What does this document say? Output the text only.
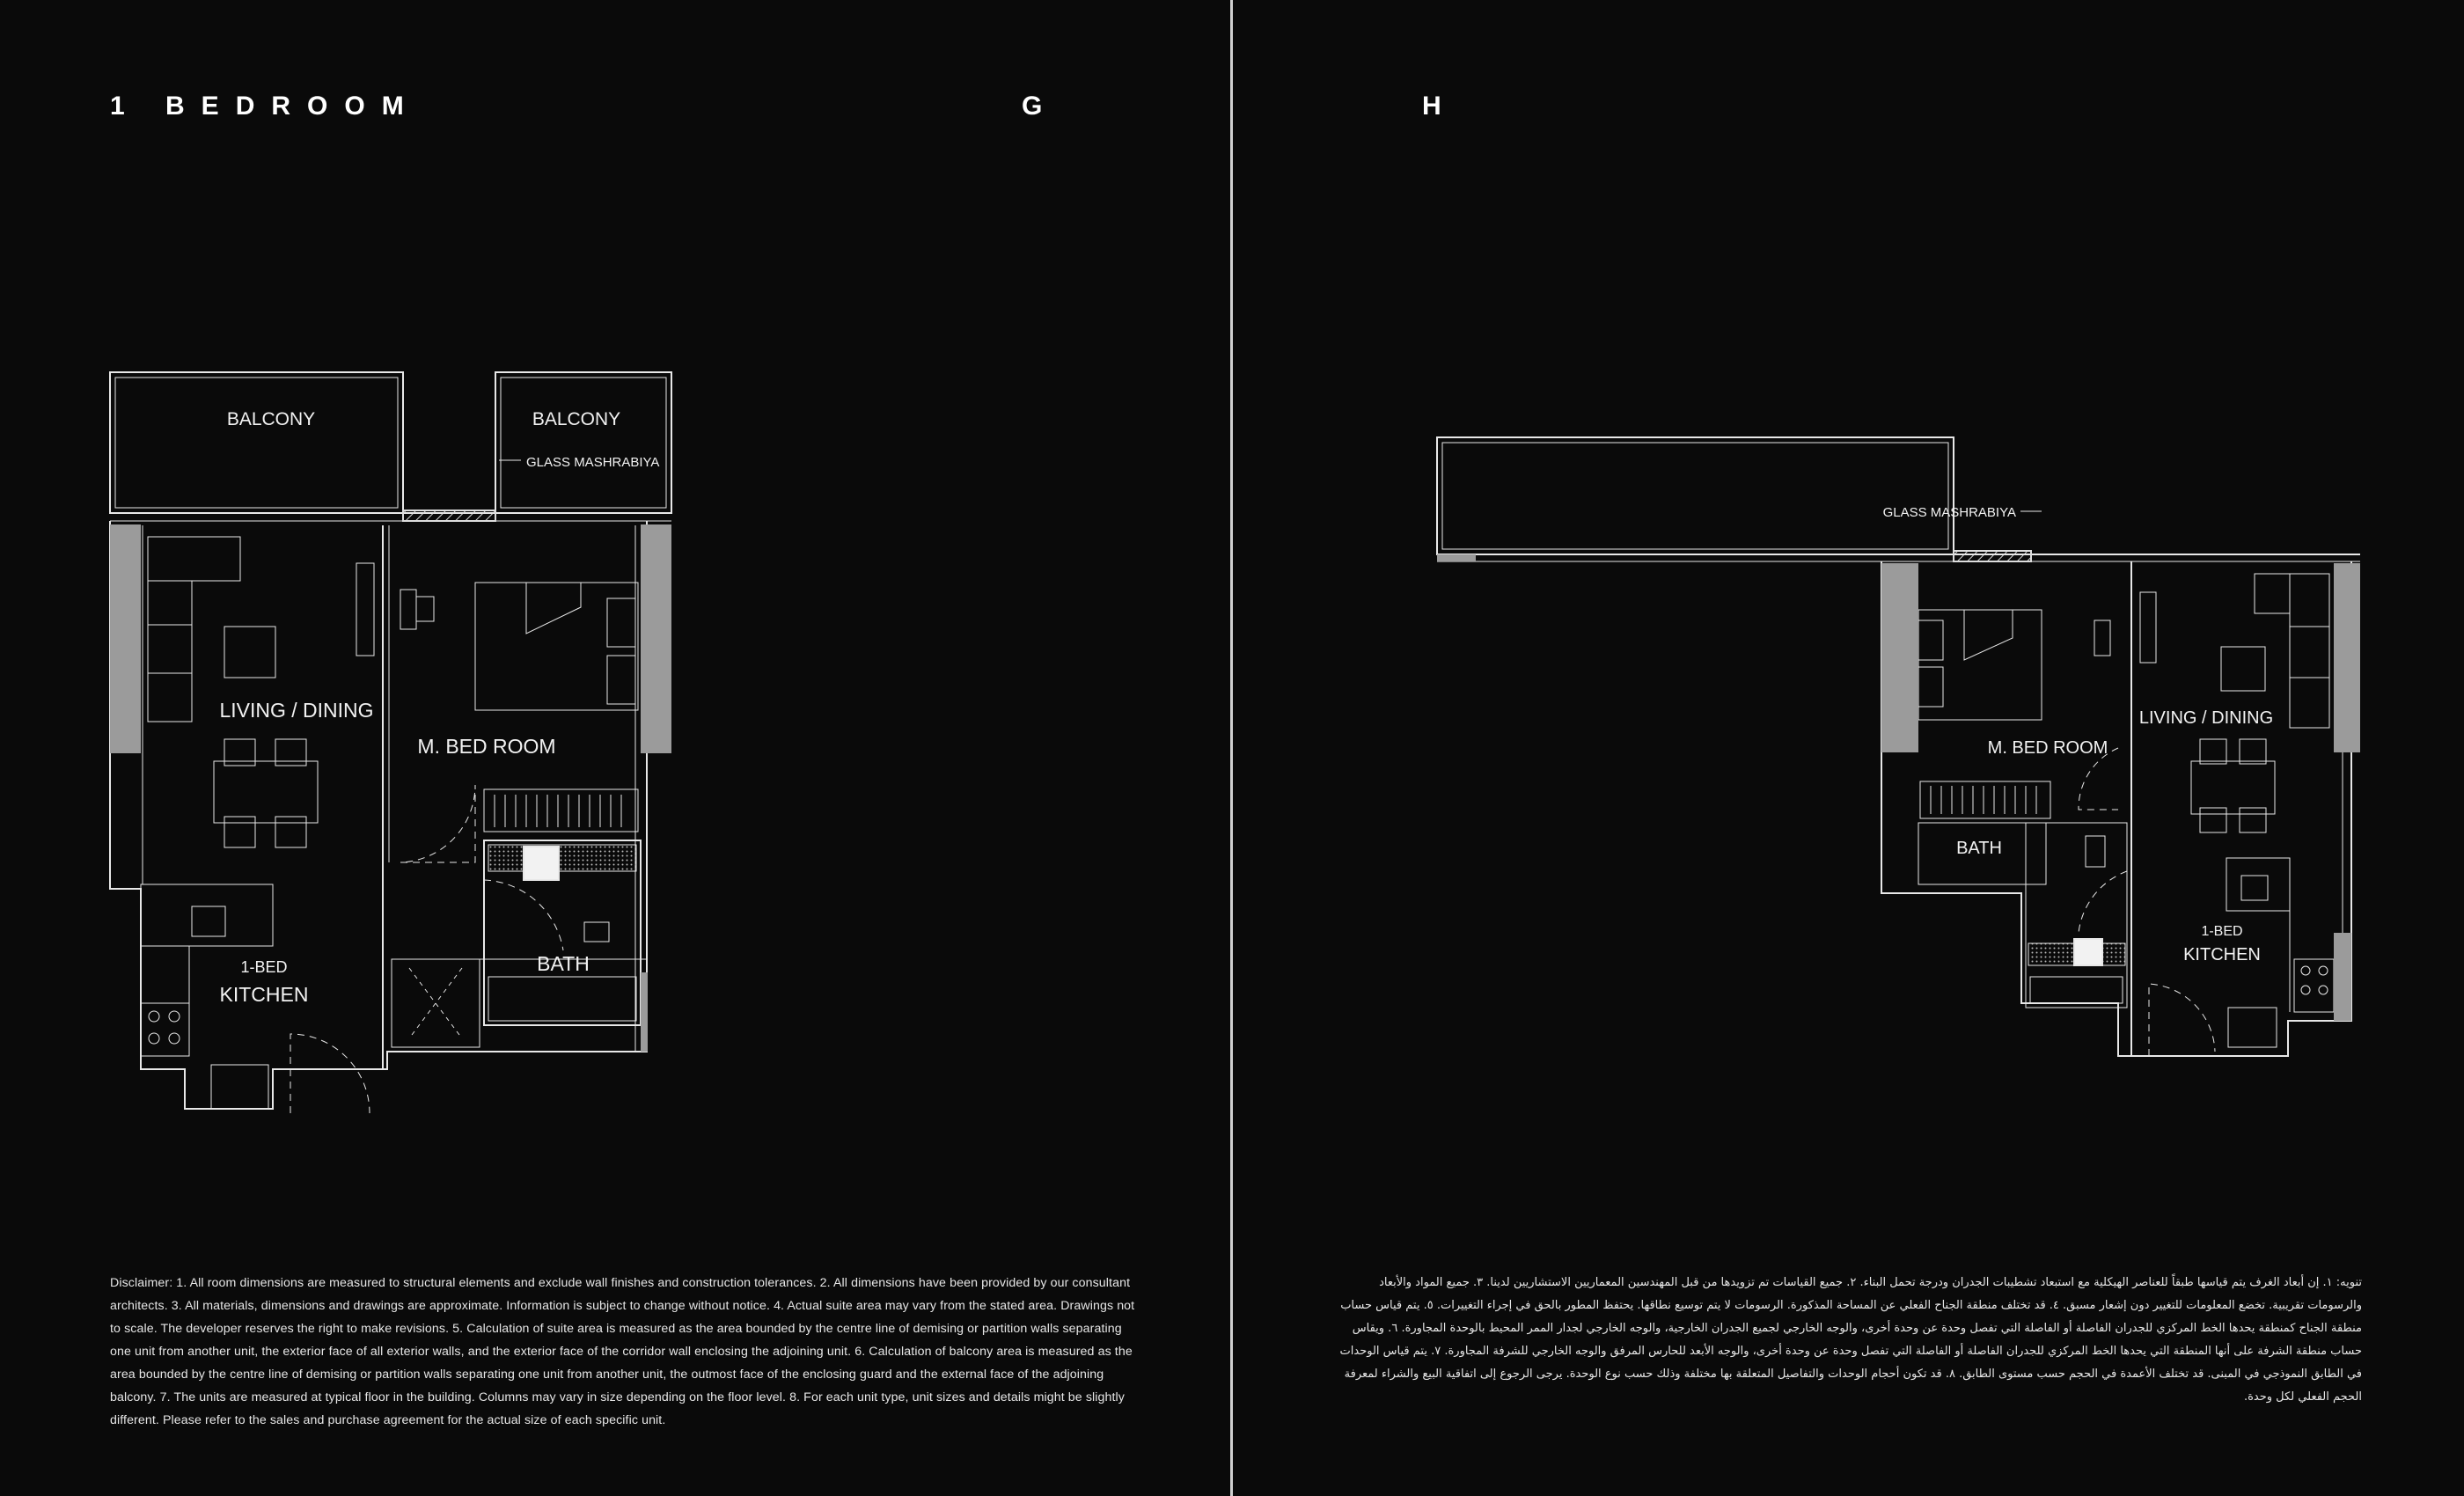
1 BEDROOM	G
BALCONY	BALCONY
GLASS MASHRABIYA
LIVING / DINING
M. BED ROOM
BATH
1-BED
KITCHEN
Disclaimer: 1. All room dimensions are measured to structural elements and exclude wall finishes and construction tolerances. 2. All dimensions have been provided by our consultant architects. 3. All materials, dimensions and drawings are approximate. Information is subject to change without notice. 4. Actual suite area may vary from the stated area. Drawings not to scale. The developer reserves the right to make revisions. 5. Calculation of suite area is measured as the area bounded by the centre line of demising or partition walls separating one unit from another unit, the exterior face of all exterior walls, and the exterior face of the corridor wall enclosing the adjoining unit. 6. Calculation of balcony area is measured as the area bounded by the centre line of demising or partition walls separating one unit from another unit, the outmost face of the enclosing guard and the external face of the adjoining balcony. 7. The units are measured at typical floor in the building. Columns may vary in size depending on the floor level. 8. For each unit type, unit sizes and details might be slightly different. Please refer to the sales and purchase agreement for the actual size of each specific unit.
H
GLASS MASHRABIYA
LIVING / DINING
M. BED ROOM
BATH
1-BED
KITCHEN
تنويه: ١. إن أبعاد الغرف يتم قياسها طبقاً للعناصر الهيكلية مع استبعاد تشطيبات الجدران ودرجة تحمل البناء. ٢. جميع القياسات تم تزويدها من قبل المهندسين المعماريين الاستشاريين لدينا. ٣. جميع المواد والأبعاد والرسومات تقريبية. تخضع المعلومات للتغيير دون إشعار مسبق. ٤. قد تختلف منطقة الجناح الفعلي عن المساحة المذكورة. الرسومات لا يتم توسيع نطاقها. يحتفظ المطور بالحق في إجراء التغييرات. ٥. يتم قياس حساب منطقة الجناح كمنطقة يحدها الخط المركزي للجدران الفاصلة أو الفاصلة التي تفصل وحدة عن وحدة أخرى، والوجه الخارجي لجميع الجدران الخارجية، والوجه الخارجي لجدار الممر المحيط بالوحدة المجاورة. ٦. ويقاس حساب منطقة الشرفة على أنها المنطقة التي يحدها الخط المركزي للجدران الفاصلة أو الفاصلة التي تفصل وحدة عن وحدة أخرى، والوجه الأبعد للحارس المرفق والوجه الخارجي للشرفة المجاورة. ٧. يتم قياس الوحدات في الطابق النموذجي في المبنى. قد تختلف الأعمدة في الحجم حسب مستوى الطابق. ٨. قد تكون أحجام الوحدات والتفاصيل المتعلقة بها مختلفة وذلك حسب نوع الوحدة. يرجى الرجوع إلى اتفاقية البيع والشراء لمعرفة الحجم الفعلي لكل وحدة.
